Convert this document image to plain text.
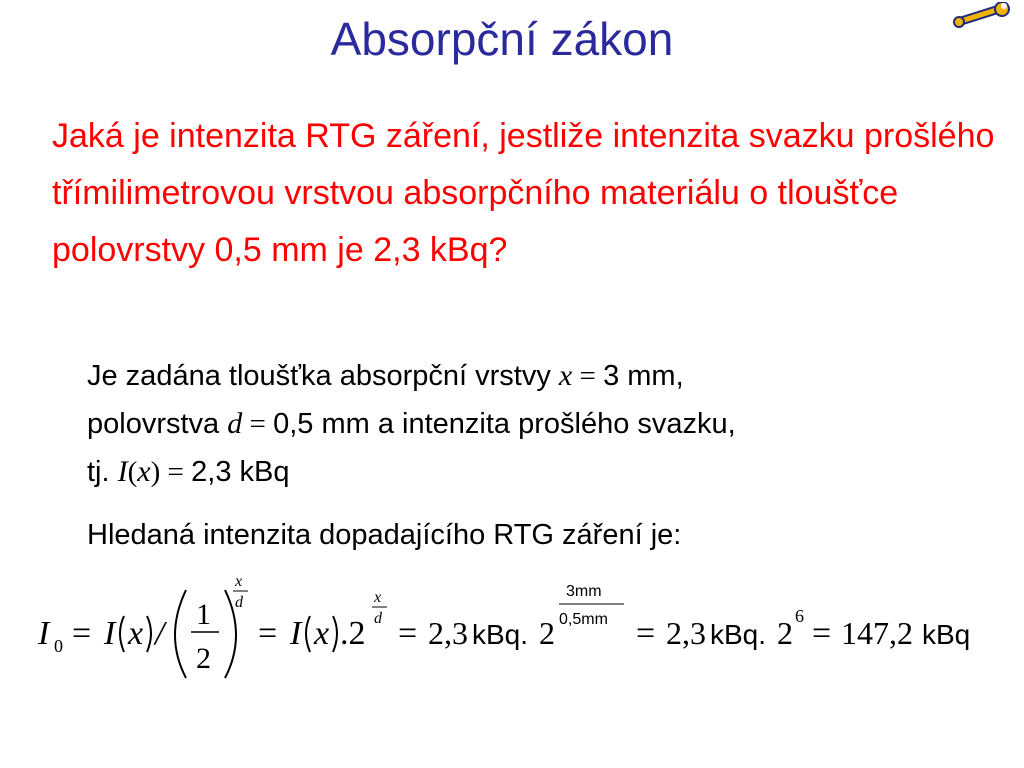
Absorpční zákon
Jaká je intenzita RTG záření, jestliže intenzita svazku prošlého třímilimetrovou vrstvou absorpčního materiálu o tloušťce polovrstvy 0,5 mm je 2,3 kBq?

Je zadána tloušťka absorpční vrstvy x = 3 mm,
polovrstva d = 0,5 mm a intenzita prošlého svazku,
tj. I(x) = 2,3 kBq

Hledaná intenzita dopadajícího RTG záření je:

I 0 = I x /
1
2
x
d
= I x .2
x
d = 2,3 kBq. 2
3mm
0,5mm = 2,3 kBq. 2 6 = 147,2 kBq
